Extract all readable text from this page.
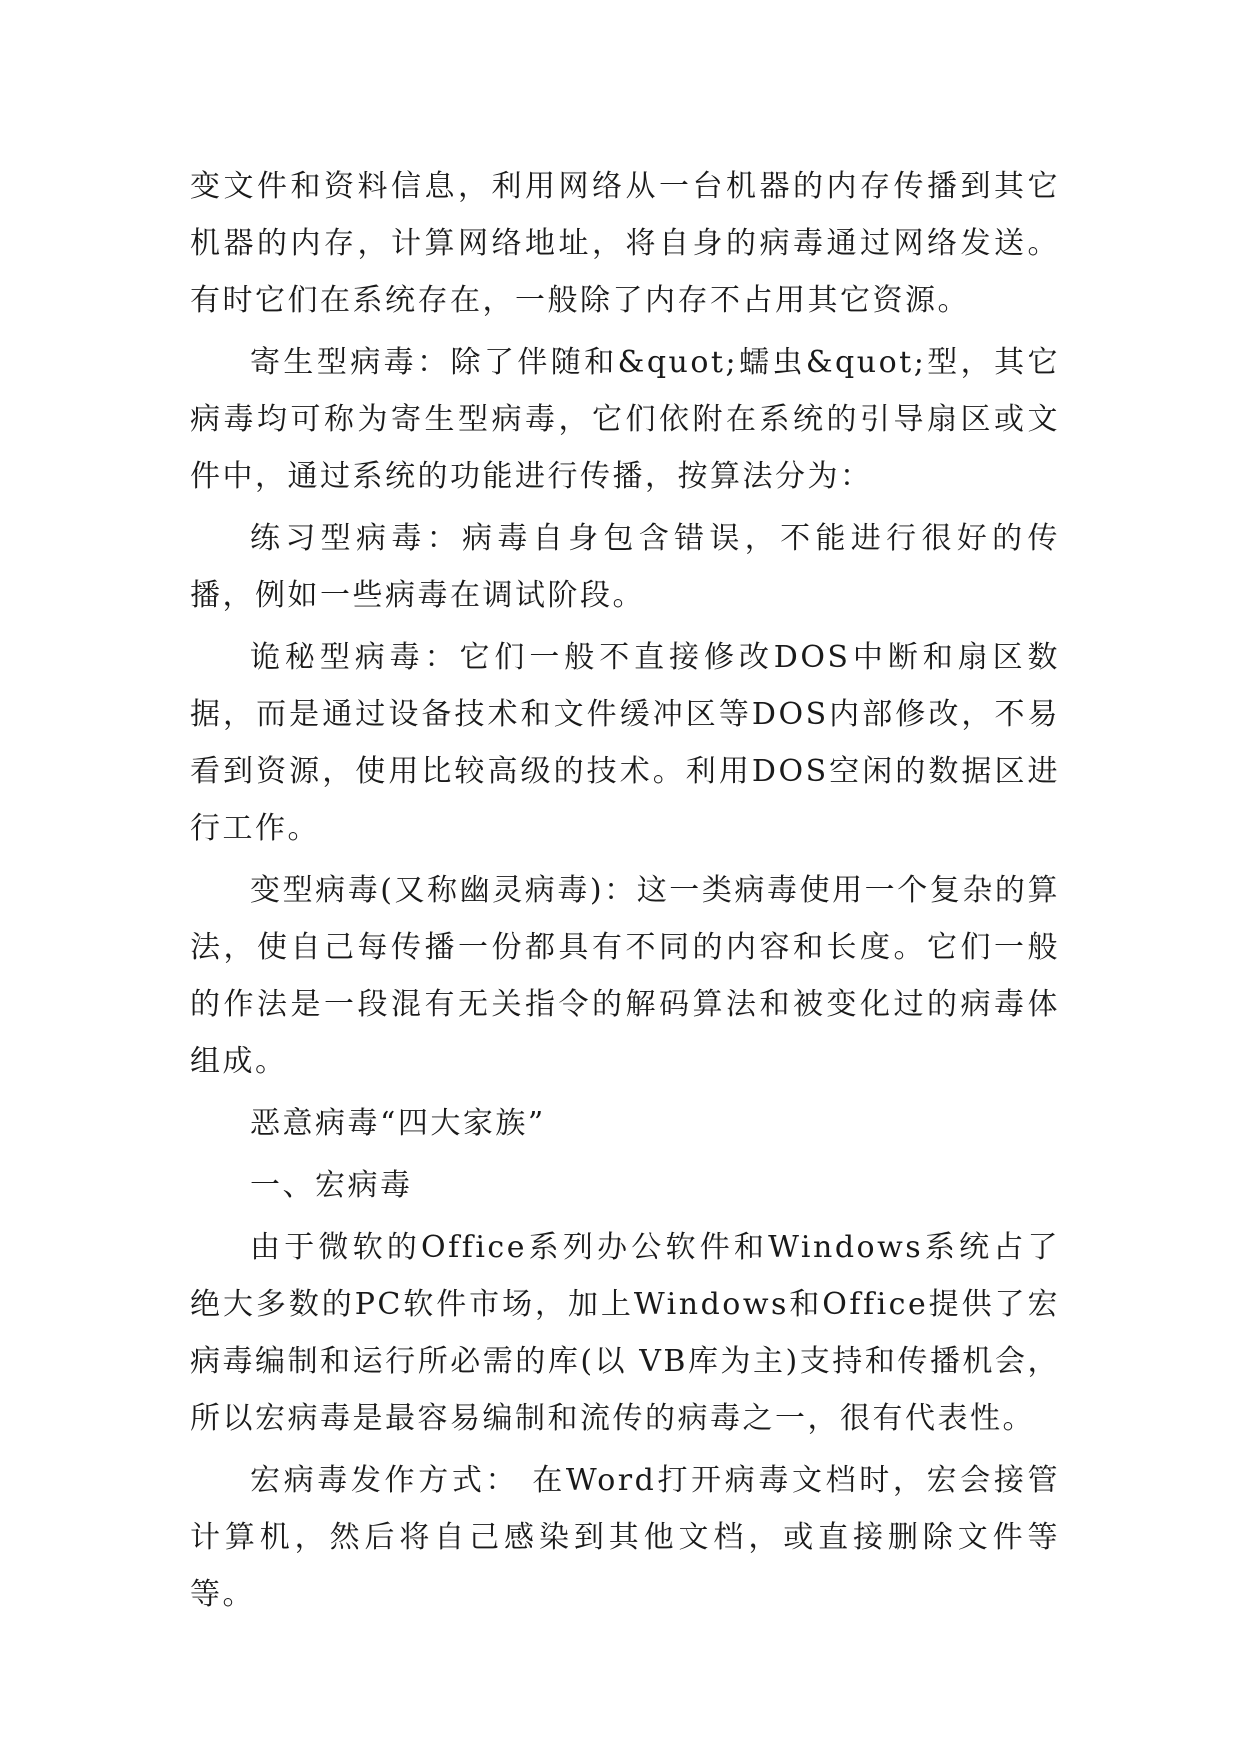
变文件和资料信息，利用网络从一台机器的内存传播到其它机器的内存，计算网络地址，将自身的病毒通过网络发送。有时它们在系统存在，一般除了内存不占用其它资源。

寄生型病毒：除了伴随和&quot;蠕虫&quot;型，其它病毒均可称为寄生型病毒，它们依附在系统的引导扇区或文件中，通过系统的功能进行传播，按算法分为：

练习型病毒：病毒自身包含错误，不能进行很好的传播，例如一些病毒在调试阶段。

诡秘型病毒：它们一般不直接修改DOS中断和扇区数据，而是通过设备技术和文件缓冲区等DOS内部修改，不易看到资源，使用比较高级的技术。利用DOS空闲的数据区进行工作。

变型病毒(又称幽灵病毒)：这一类病毒使用一个复杂的算法，使自己每传播一份都具有不同的内容和长度。它们一般的作法是一段混有无关指令的解码算法和被变化过的病毒体组成。

恶意病毒“四大家族”

一、宏病毒

由于微软的Office系列办公软件和Windows系统占了绝大多数的PC软件市场，加上Windows和Office提供了宏病毒编制和运行所必需的库(以 VB库为主)支持和传播机会，所以宏病毒是最容易编制和流传的病毒之一，很有代表性。

宏病毒发作方式： 在Word打开病毒文档时，宏会接管计算机，然后将自己感染到其他文档，或直接删除文件等等。
